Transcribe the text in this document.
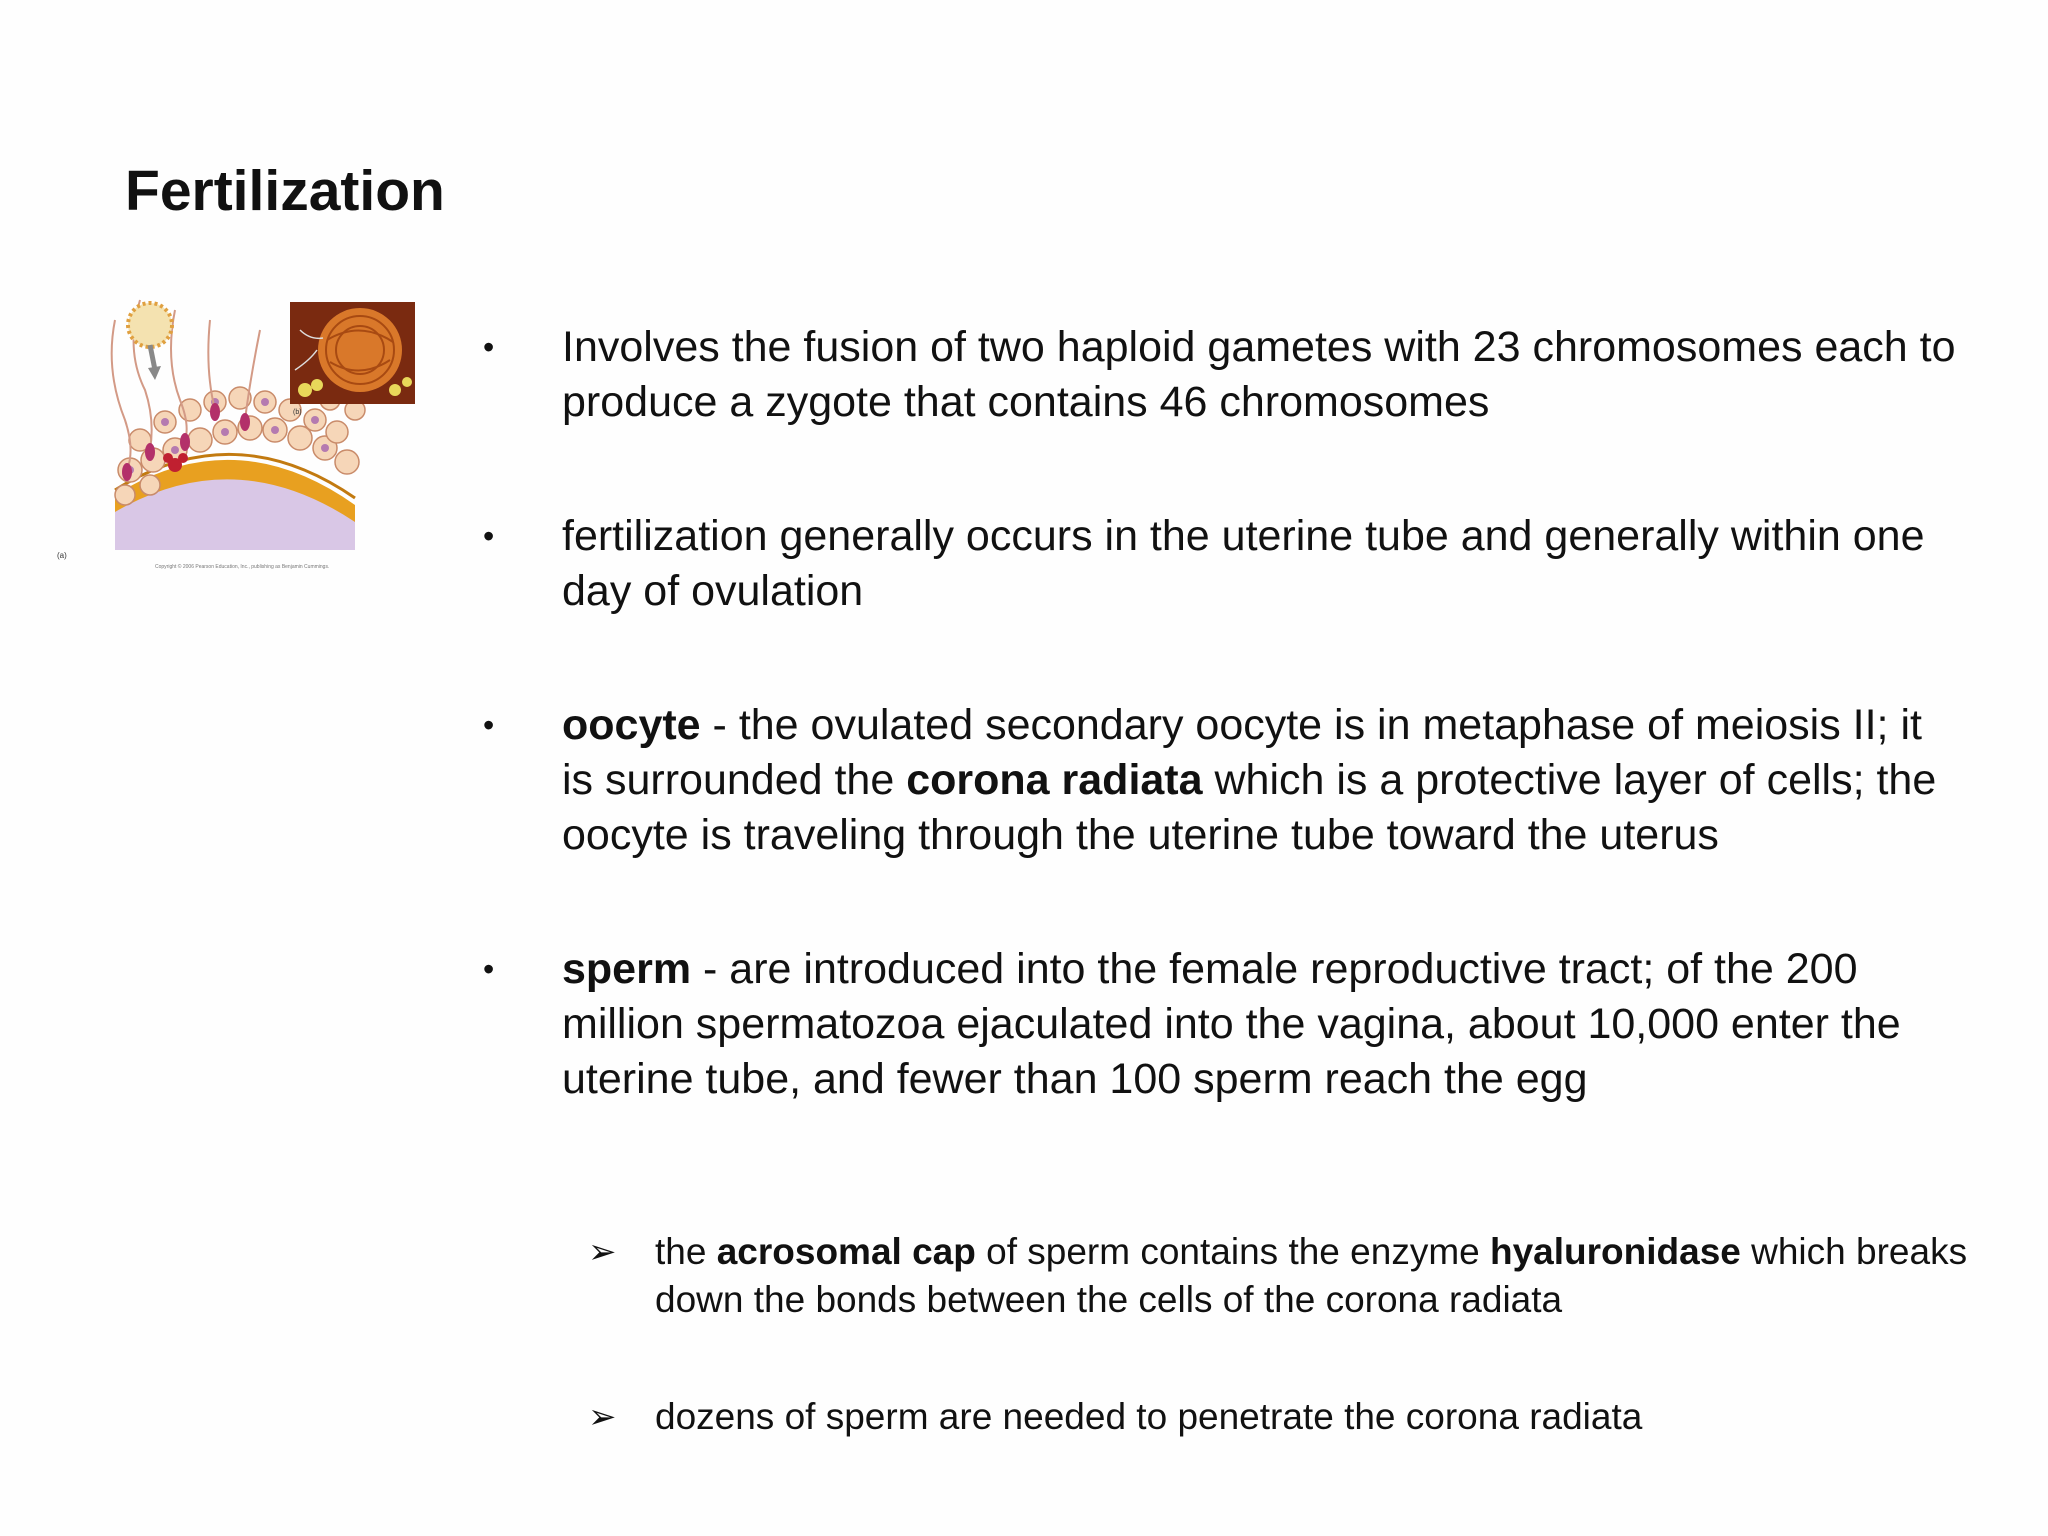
Fertilization
(a)
(b)
Copyright © 2006 Pearson Education, Inc., publishing as Benjamin Cummings.
• Involves the fusion of two haploid gametes with 23 chromosomes each to produce a zygote that contains 46 chromosomes
• fertilization generally occurs in the uterine tube and generally within one day of ovulation
• oocyte - the ovulated secondary oocyte is in metaphase of meiosis II; it is surrounded the corona radiata which is a protective layer of cells; the oocyte is traveling through the uterine tube toward the uterus
• sperm - are introduced into the female reproductive tract; of the 200 million spermatozoa ejaculated into the vagina, about 10,000 enter the uterine tube, and fewer than 100 sperm reach the egg
➢ the acrosomal cap of sperm contains the enzyme hyaluronidase which breaks down the bonds between the cells of the corona radiata
➢ dozens of sperm are needed to penetrate the corona radiata
